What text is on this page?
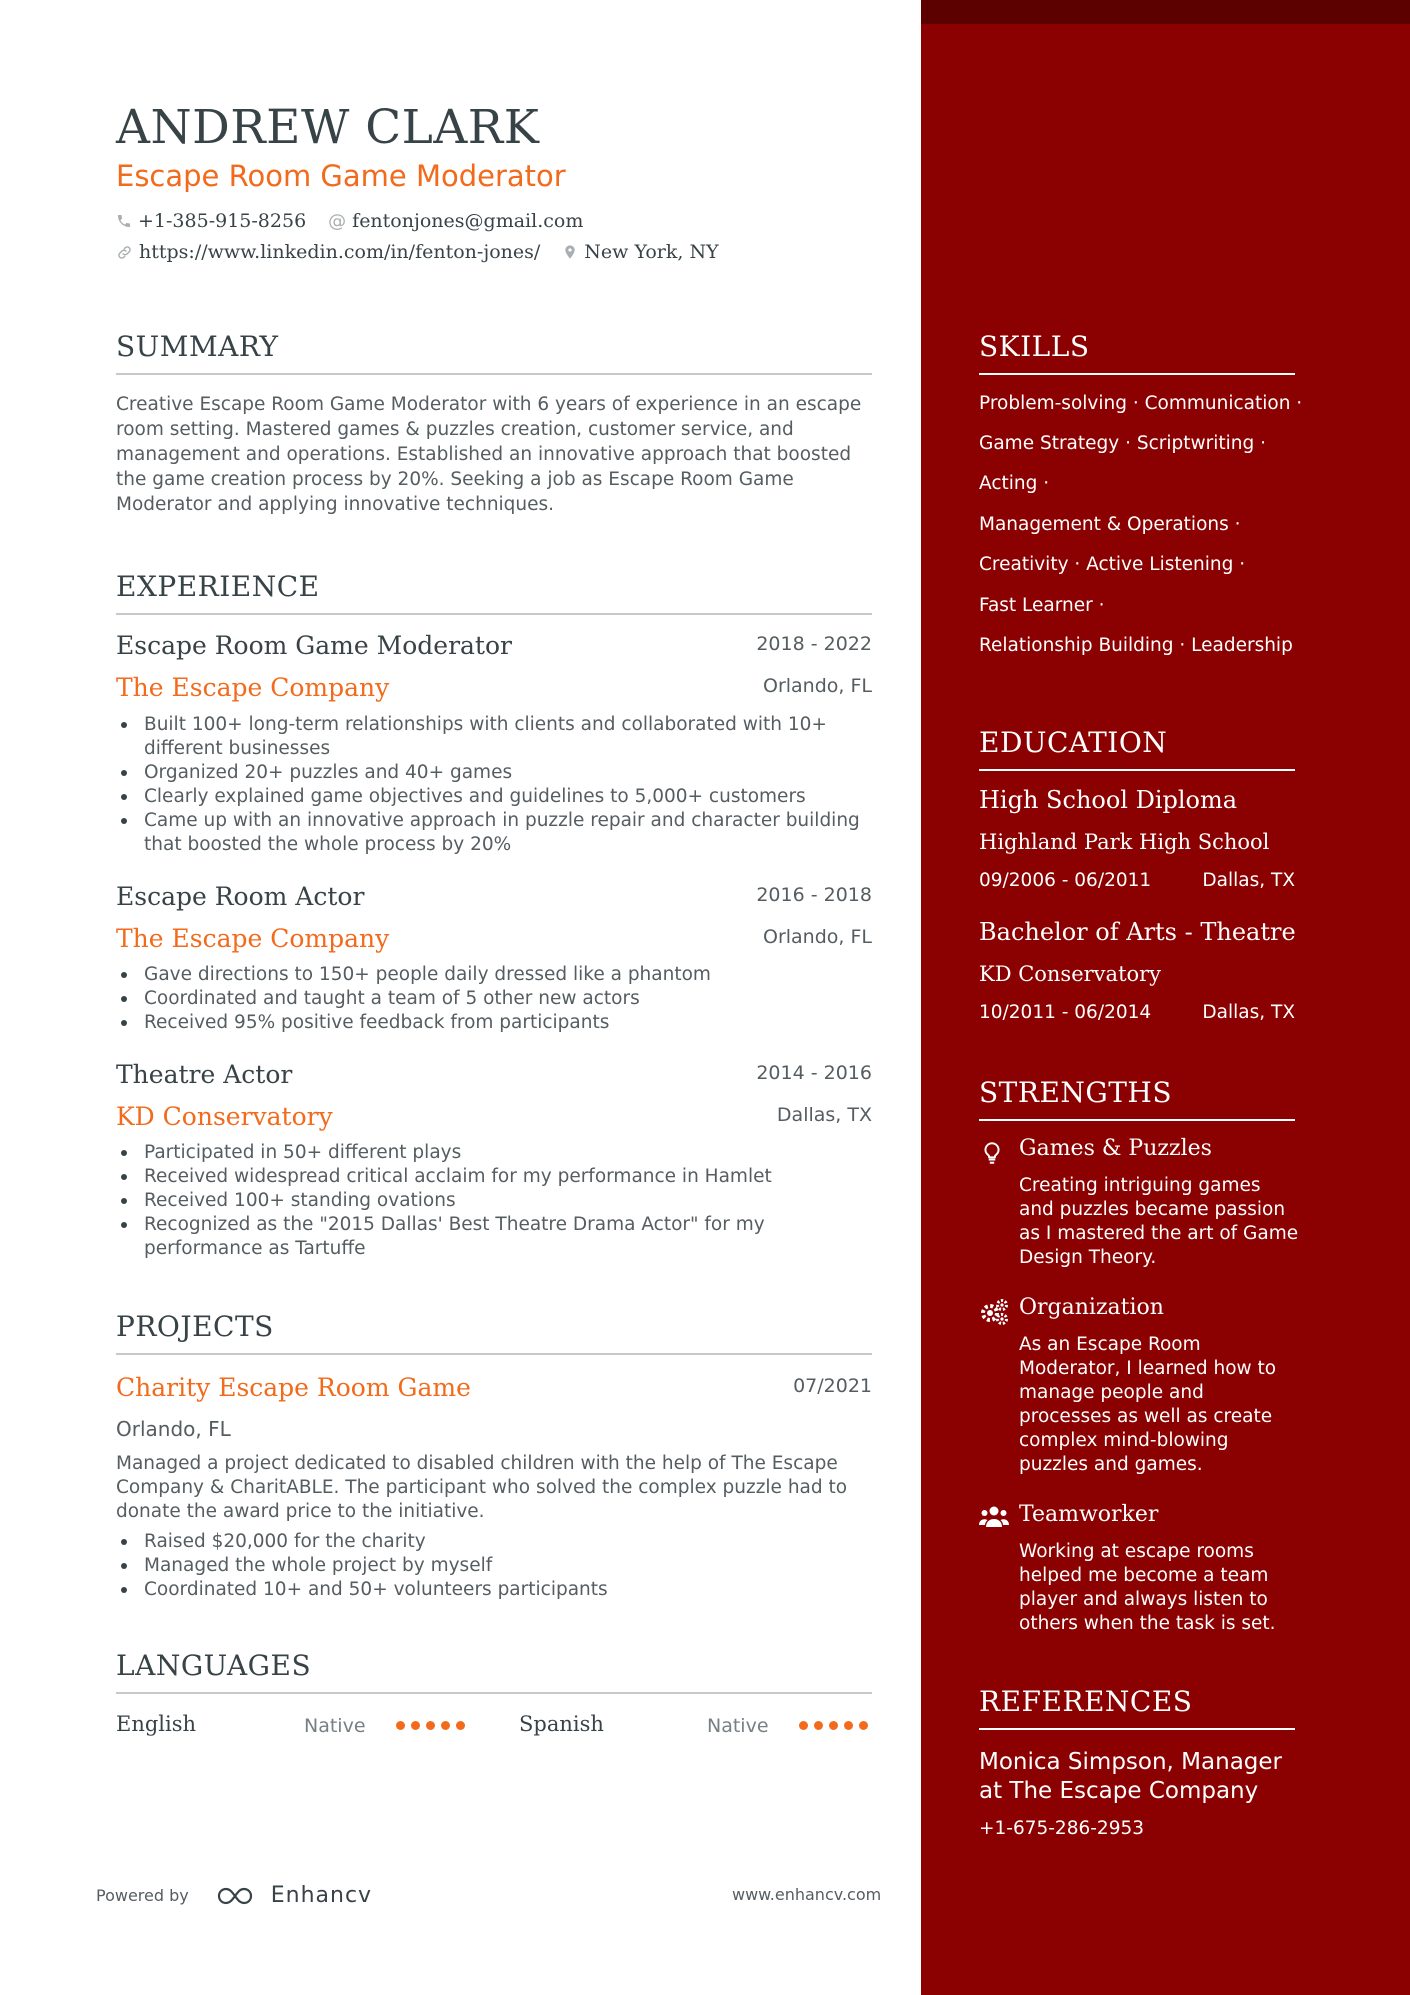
ANDREW CLARK
Escape Room Game Moderator
+1-385-915-8256 @ fentonjones@gmail.com
https://www.linkedin.com/in/fenton-jones/ New York, NY
SUMMARY

Creative Escape Room Game Moderator with 6 years of experience in an escape room setting. Mastered games & puzzles creation, customer service, and management and operations. Established an innovative approach that boosted the game creation process by 20%. Seeking a job as Escape Room Game Moderator and applying innovative techniques.

EXPERIENCE
Escape Room Game Moderator	2018 - 2022
The Escape Company	Orlando, FL
Built 100+ long-term relationships with clients and collaborated with 10+ different businesses
Organized 20+ puzzles and 40+ games
Clearly explained game objectives and guidelines to 5,000+ customers
Came up with an innovative approach in puzzle repair and character building that boosted the whole process by 20%
Escape Room Actor	2016 - 2018
The Escape Company	Orlando, FL
Gave directions to 150+ people daily dressed like a phantom
Coordinated and taught a team of 5 other new actors
Received 95% positive feedback from participants
Theatre Actor	2014 - 2016
KD Conservatory	Dallas, TX
Participated in 50+ different plays
Received widespread critical acclaim for my performance in Hamlet
Received 100+ standing ovations
Recognized as the "2015 Dallas' Best Theatre Drama Actor" for my performance as Tartuffe
PROJECTS
Charity Escape Room Game	07/2021
Orlando, FL

Managed a project dedicated to disabled children with the help of The Escape Company & CharitABLE. The participant who solved the complex puzzle had to donate the award price to the initiative.

Raised $20,000 for the charity
Managed the whole project by myself
Coordinated 10+ and 50+ volunteers participants
LANGUAGES
English	Native	Spanish	Native
Powered by	Enhancv	www.enhancv.com
SKILLS
Problem-solving · Communication ·
Game Strategy · Scriptwriting ·
Acting ·
Management & Operations ·
Creativity · Active Listening ·
Fast Learner ·
Relationship Building · Leadership
EDUCATION
High School Diploma
Highland Park High School
09/2006 - 06/2011	Dallas, TX
Bachelor of Arts - Theatre
KD Conservatory
10/2011 - 06/2014	Dallas, TX
STRENGTHS
Games & Puzzles
Creating intriguing games and puzzles became passion as I mastered the art of Game Design Theory.
Organization
As an Escape Room Moderator, I learned how to manage people and processes as well as create complex mind-blowing puzzles and games.
Teamworker
Working at escape rooms helped me become a team player and always listen to others when the task is set.
REFERENCES
Monica Simpson, Manager at The Escape Company
+1-675-286-2953
